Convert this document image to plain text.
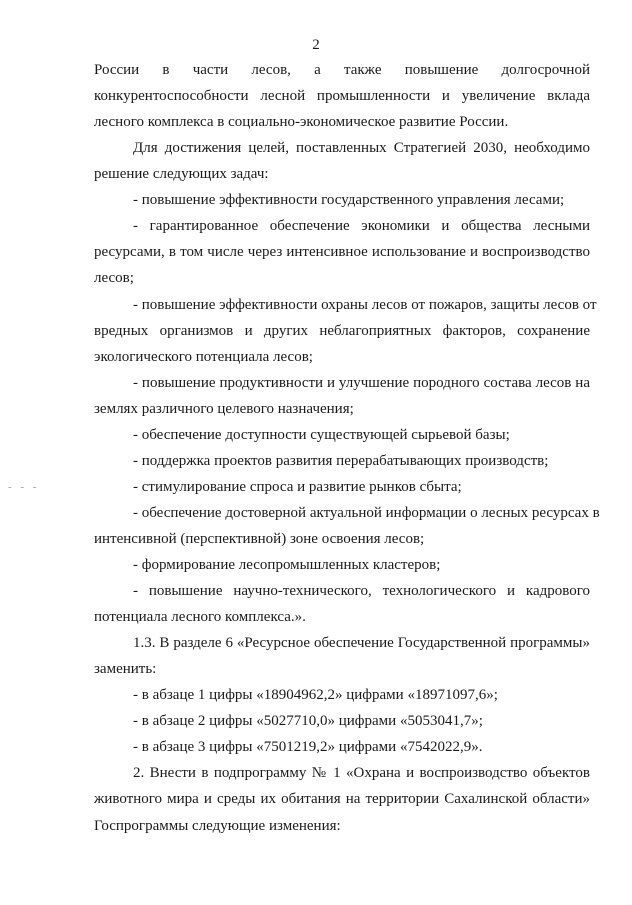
2
- - -
России в части лесов, а также повышение долгосрочной
конкурентоспособности лесной промышленности и увеличение вклада
лесного комплекса в социально-экономическое развитие России.
Для достижения целей, поставленных Стратегией 2030, необходимо
решение следующих задач:
- повышение эффективности государственного управления лесами;
- гарантированное обеспечение экономики и общества лесными
ресурсами, в том числе через интенсивное использование и воспроизводство
лесов;
- повышение эффективности охраны лесов от пожаров, защиты лесов от
вредных организмов и других неблагоприятных факторов, сохранение
экологического потенциала лесов;
- повышение продуктивности и улучшение породного состава лесов на
землях различного целевого назначения;
- обеспечение доступности существующей сырьевой базы;
- поддержка проектов развития перерабатывающих производств;
- стимулирование спроса и развитие рынков сбыта;
- обеспечение достоверной актуальной информации о лесных ресурсах в
интенсивной (перспективной) зоне освоения лесов;
- формирование лесопромышленных кластеров;
- повышение научно-технического, технологического и кадрового
потенциала лесного комплекса.».
1.3. В разделе 6 «Ресурсное обеспечение Государственной программы»
заменить:
- в абзаце 1 цифры «18904962,2» цифрами «18971097,6»;
- в абзаце 2 цифры «5027710,0» цифрами «5053041,7»;
- в абзаце 3 цифры «7501219,2» цифрами «7542022,9».
2. Внести в подпрограмму № 1 «Охрана и воспроизводство объектов
животного мира и среды их обитания на территории Сахалинской области»
Госпрограммы следующие изменения:
